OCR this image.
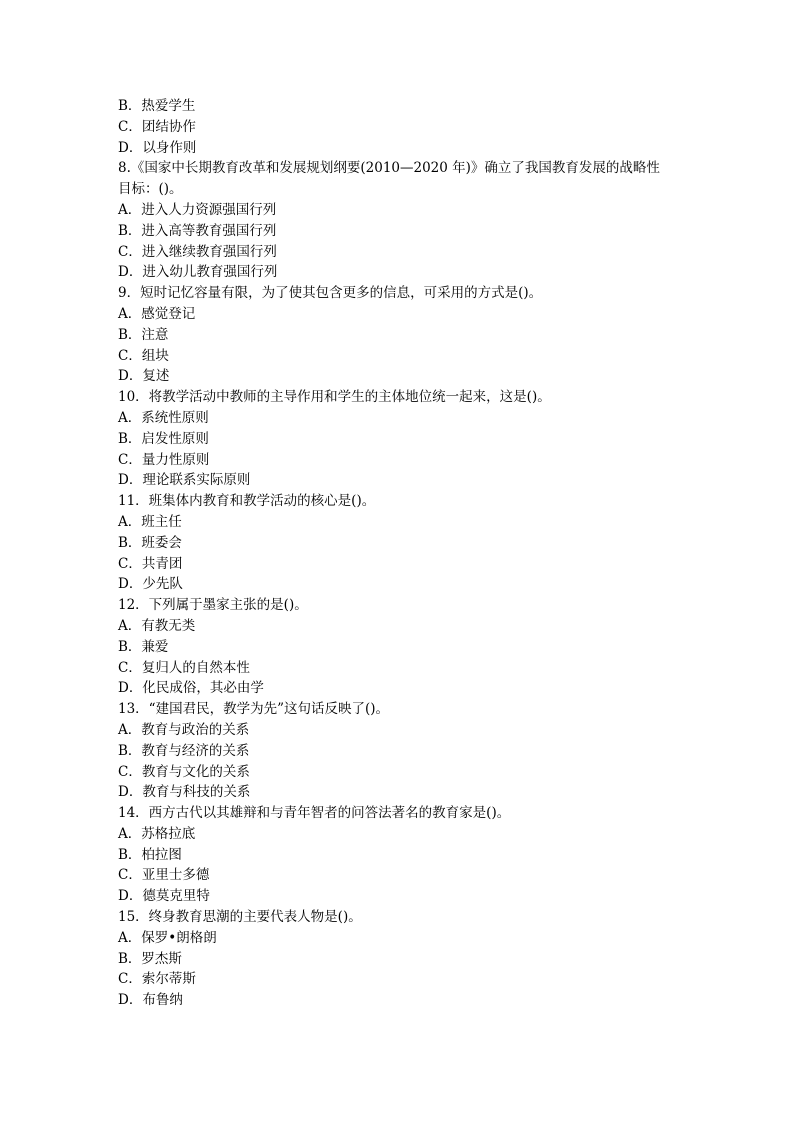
B．热爱学生
C．团结协作
D．以身作则
8.《国家中长期教育改革和发展规划纲要(2010—2020 年)》确立了我国教育发展的战略性
目标：()。
A．进入人力资源强国行列
B．进入高等教育强国行列
C．进入继续教育强国行列
D．进入幼儿教育强国行列
9．短时记忆容量有限，为了使其包含更多的信息，可采用的方式是()。
A．感觉登记
B．注意
C．组块
D．复述
10．将教学活动中教师的主导作用和学生的主体地位统一起来，这是()。
A．系统性原则
B．启发性原则
C．量力性原则
D．理论联系实际原则
11．班集体内教育和教学活动的核心是()。
A．班主任
B．班委会
C．共青团
D．少先队
12．下列属于墨家主张的是()。
A．有教无类
B．兼爱
C．复归人的自然本性
D．化民成俗，其必由学
13．“建国君民，教学为先”这句话反映了()。
A．教育与政治的关系
B．教育与经济的关系
C．教育与文化的关系
D．教育与科技的关系
14．西方古代以其雄辩和与青年智者的问答法著名的教育家是()。
A．苏格拉底
B．柏拉图
C．亚里士多德
D．德莫克里特
15．终身教育思潮的主要代表人物是()。
A．保罗•朗格朗
B．罗杰斯
C．索尔蒂斯
D．布鲁纳
